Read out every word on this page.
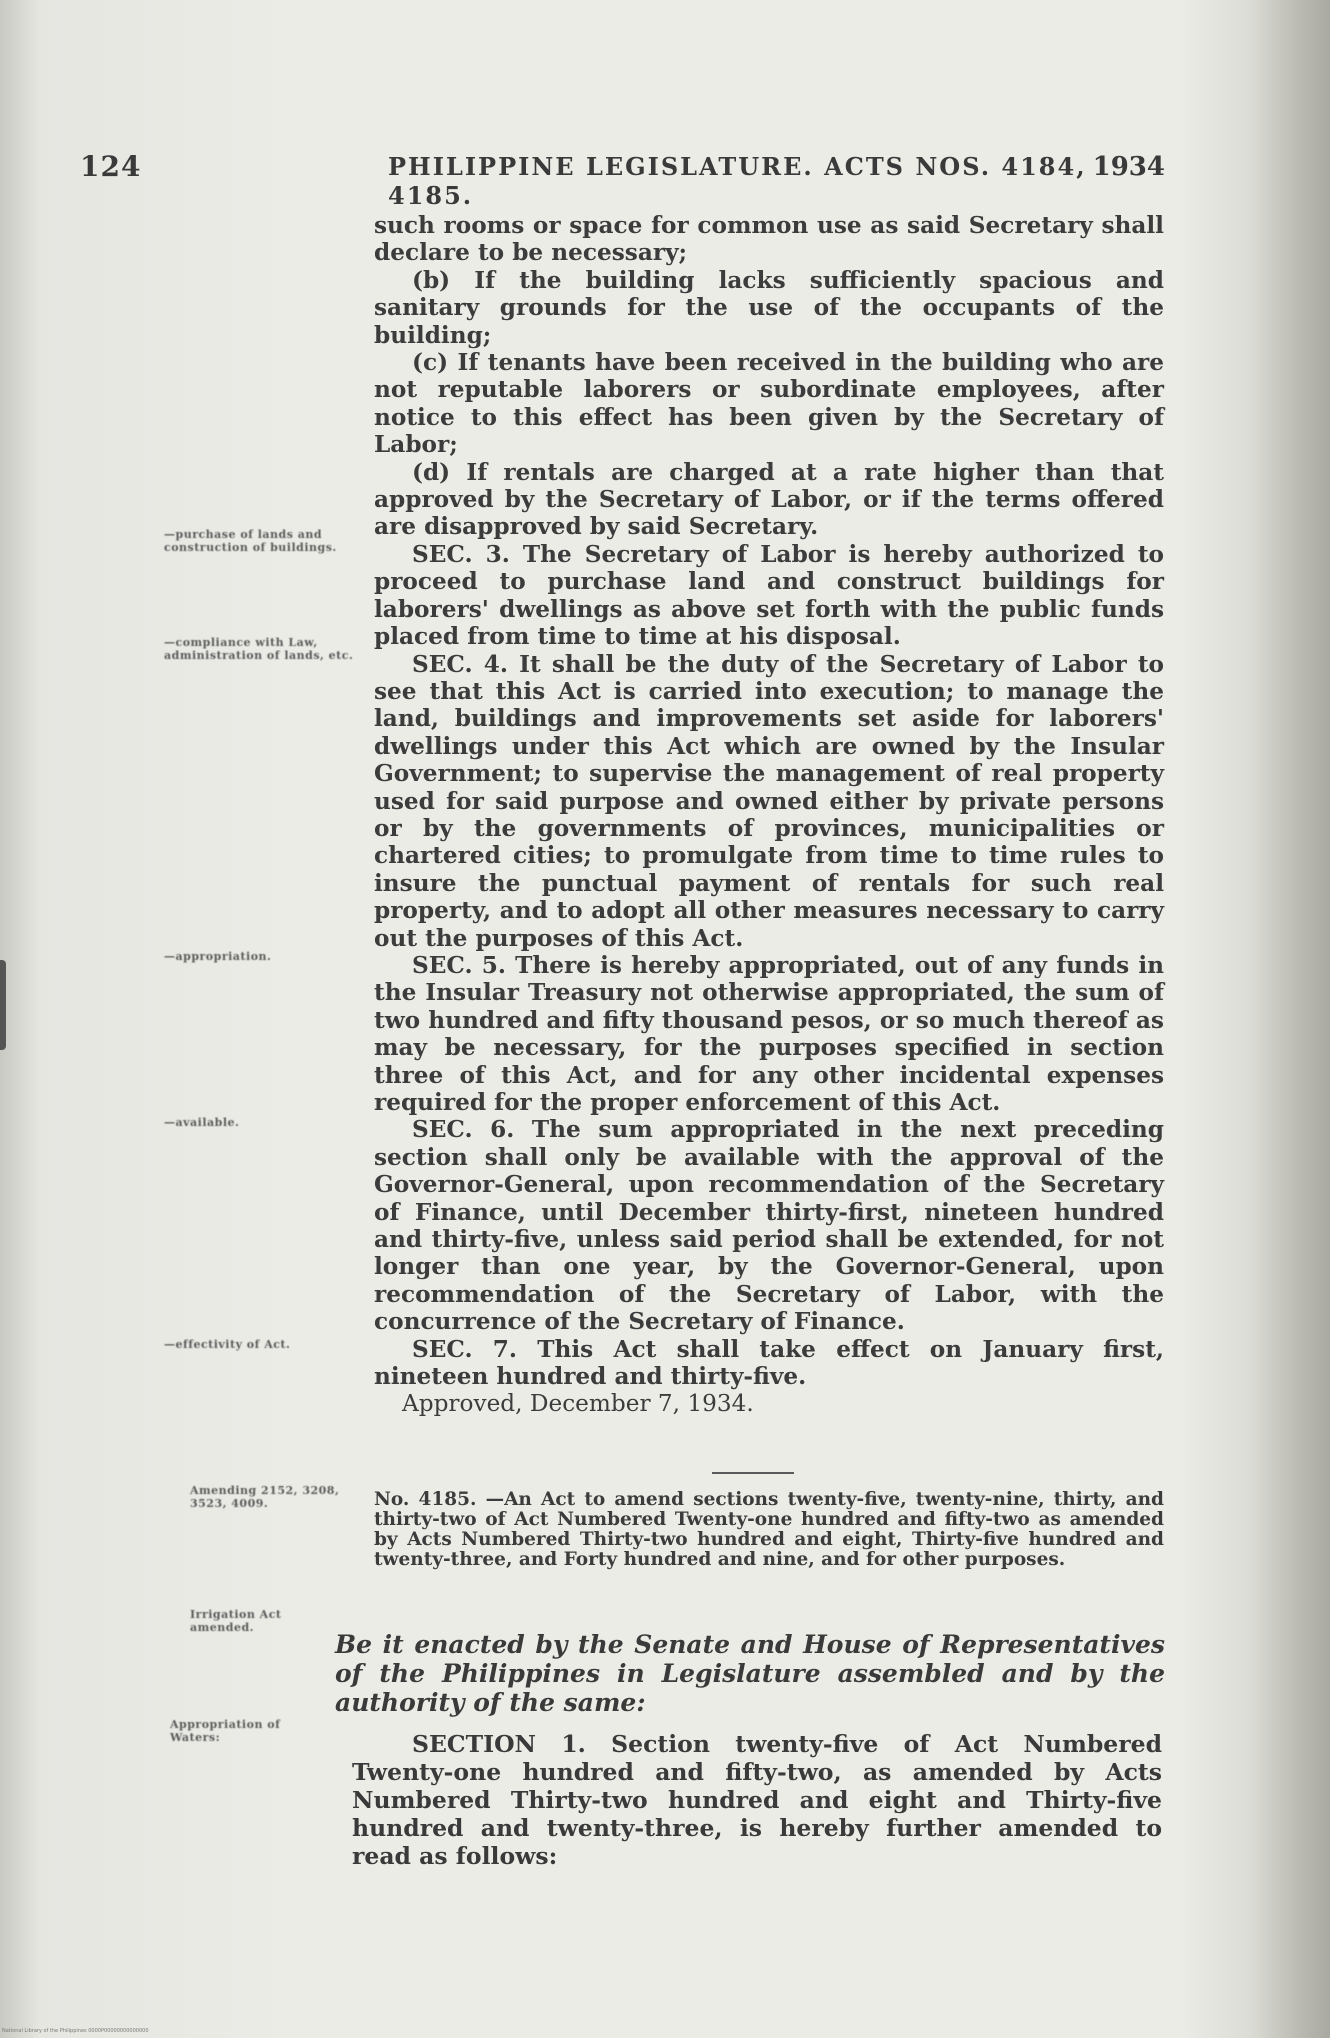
124	PHILIPPINE LEGISLATURE. ACTS NOS. 4184, 4185.
1934
—purchase of lands and construction of buildings.
—compliance with Law, administration of lands, etc.
—appropriation.
—available.
—effectivity of Act.
Amending 2152, 3208, 3523, 4009.
Irrigation Act amended.
Appropriation of Waters:

such rooms or space for common use as said Secretary shall declare to be necessary;

(b) If the building lacks sufficiently spacious and sanitary grounds for the use of the occupants of the building;

(c) If tenants have been received in the building who are not reputable laborers or subordinate employees, after notice to this effect has been given by the Secretary of Labor;

(d) If rentals are charged at a rate higher than that approved by the Secretary of Labor, or if the terms offered are disapproved by said Secretary.

SEC. 3. The Secretary of Labor is hereby authorized to proceed to purchase land and construct buildings for laborers' dwellings as above set forth with the public funds placed from time to time at his disposal.

SEC. 4. It shall be the duty of the Secretary of Labor to see that this Act is carried into execution; to manage the land, buildings and improvements set aside for laborers' dwellings under this Act which are owned by the Insular Government; to supervise the management of real property used for said purpose and owned either by private persons or by the governments of provinces, municipalities or chartered cities; to promulgate from time to time rules to insure the punctual payment of rentals for such real property, and to adopt all other measures necessary to carry out the purposes of this Act.

SEC. 5. There is hereby appropriated, out of any funds in the Insular Treasury not otherwise appropriated, the sum of two hundred and fifty thousand pesos, or so much thereof as may be necessary, for the purposes specified in section three of this Act, and for any other incidental expenses required for the proper enforcement of this Act.

SEC. 6. The sum appropriated in the next preceding section shall only be available with the approval of the Governor-General, upon recommendation of the Secretary of Finance, until December thirty-first, nineteen hundred and thirty-five, unless said period shall be extended, for not longer than one year, by the Governor-General, upon recommendation of the Secretary of Labor, with the concurrence of the Secretary of Finance.

SEC. 7. This Act shall take effect on January first, nineteen hundred and thirty-five.

Approved, December 7, 1934.

No. 4185. —An Act to amend sections twenty-five, twenty-nine, thirty, and thirty-two of Act Numbered Twenty-one hundred and fifty-two as amended by Acts Numbered Thirty-two hundred and eight, Thirty-five hundred and twenty-three, and Forty hundred and nine, and for other purposes.
Be it enacted by the Senate and House of Representatives of the Philippines in Legislature assembled and by the authority of the same:

SECTION 1. Section twenty-five of Act Numbered Twenty-one hundred and fifty-two, as amended by Acts Numbered Thirty-two hundred and eight and Thirty-five hundred and twenty-three, is hereby further amended to read as follows:

National Library of the Philippines 0000P00000000000000
